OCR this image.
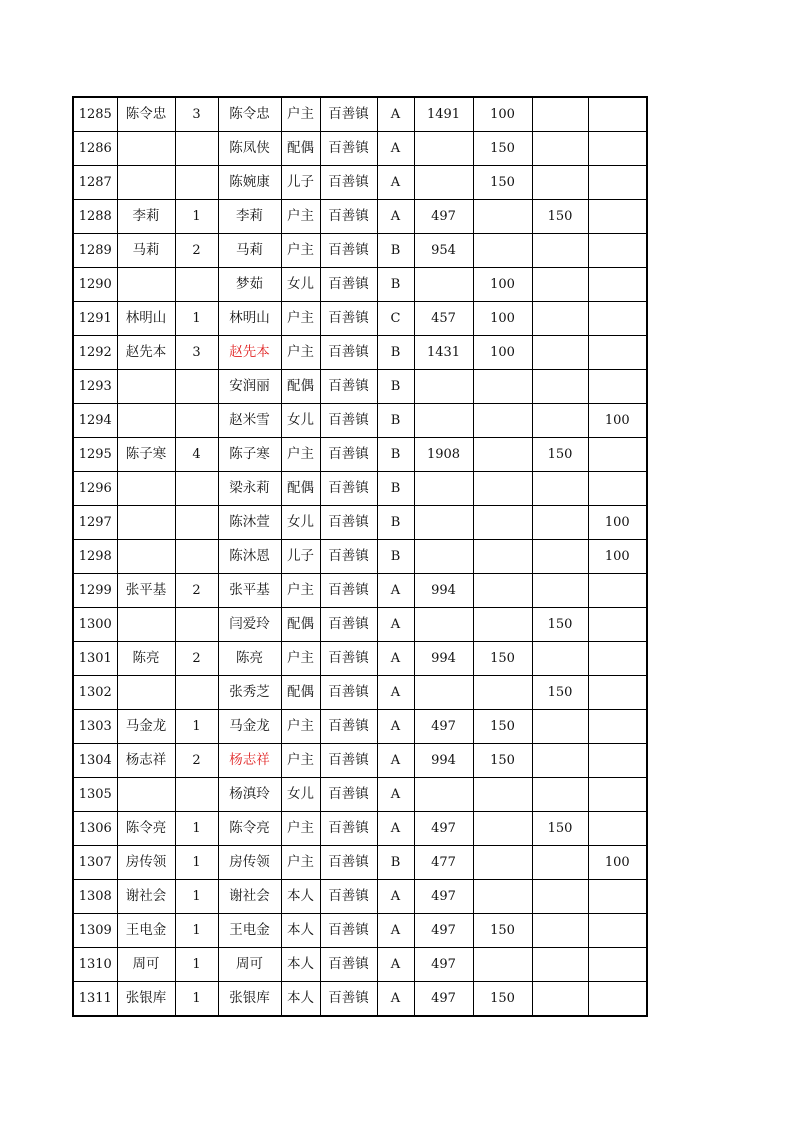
1285	陈令忠	3	陈令忠	户主	百善镇	A	1491	100		
1286			陈凤侠	配偶	百善镇	A		150		
1287			陈婉康	儿子	百善镇	A		150		
1288	李莉	1	李莉	户主	百善镇	A	497		150	
1289	马莉	2	马莉	户主	百善镇	B	954			
1290			梦茹	女儿	百善镇	B		100		
1291	林明山	1	林明山	户主	百善镇	C	457	100		
1292	赵先本	3	赵先本	户主	百善镇	B	1431	100		
1293			安润丽	配偶	百善镇	B				
1294			赵米雪	女儿	百善镇	B				100
1295	陈子寒	4	陈子寒	户主	百善镇	B	1908		150	
1296			梁永莉	配偶	百善镇	B				
1297			陈沐萱	女儿	百善镇	B				100
1298			陈沐恩	儿子	百善镇	B				100
1299	张平基	2	张平基	户主	百善镇	A	994			
1300			闫爱玲	配偶	百善镇	A			150	
1301	陈亮	2	陈亮	户主	百善镇	A	994	150		
1302			张秀芝	配偶	百善镇	A			150	
1303	马金龙	1	马金龙	户主	百善镇	A	497	150		
1304	杨志祥	2	杨志祥	户主	百善镇	A	994	150		
1305			杨滇玲	女儿	百善镇	A				
1306	陈令亮	1	陈令亮	户主	百善镇	A	497		150	
1307	房传领	1	房传领	户主	百善镇	B	477			100
1308	谢社会	1	谢社会	本人	百善镇	A	497			
1309	王电金	1	王电金	本人	百善镇	A	497	150		
1310	周可	1	周可	本人	百善镇	A	497			
1311	张银库	1	张银库	本人	百善镇	A	497	150		
